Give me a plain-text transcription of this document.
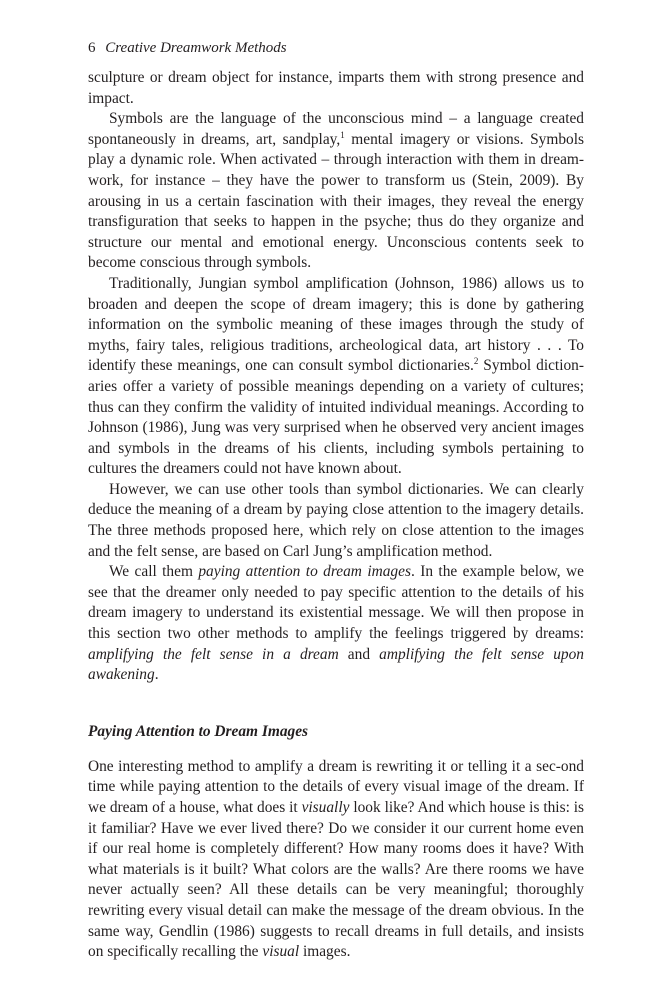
6 Creative Dreamwork Methods

sculpture or dream object for instance, imparts them with strong presence and impact.

Symbols are the language of the unconscious mind – a language created spontaneously in dreams, art, sandplay,$^1$ mental imagery or visions. Symbols play a dynamic role. When activated – through interaction with them in dream-work, for instance – they have the power to transform us (Stein, 2009). By arousing in us a certain fascination with their images, they reveal the energy transfiguration that seeks to happen in the psyche; thus do they organize and structure our mental and emotional energy. Unconscious contents seek to become conscious through symbols.

Traditionally, Jungian symbol amplification (Johnson, 1986) allows us to broaden and deepen the scope of dream imagery; this is done by gathering information on the symbolic meaning of these images through the study of myths, fairy tales, religious traditions, archeological data, art history . . . To identify these meanings, one can consult symbol dictionaries.$^2$ Symbol diction-aries offer a variety of possible meanings depending on a variety of cultures; thus can they confirm the validity of intuited individual meanings. According to Johnson (1986), Jung was very surprised when he observed very ancient images and symbols in the dreams of his clients, including symbols pertaining to cultures the dreamers could not have known about.

However, we can use other tools than symbol dictionaries. We can clearly deduce the meaning of a dream by paying close attention to the imagery details. The three methods proposed here, which rely on close attention to the images and the felt sense, are based on Carl Jung’s amplification method.

We call them paying attention to dream images. In the example below, we see that the dreamer only needed to pay specific attention to the details of his dream imagery to understand its existential message. We will then propose in this section two other methods to amplify the feelings triggered by dreams: amplifying the felt sense in a dream and amplifying the felt sense upon awakening.

Paying Attention to Dream Images

One interesting method to amplify a dream is rewriting it or telling it a sec-ond time while paying attention to the details of every visual image of the dream. If we dream of a house, what does it visually look like? And which house is this: is it familiar? Have we ever lived there? Do we consider it our current home even if our real home is completely different? How many rooms does it have? With what materials is it built? What colors are the walls? Are there rooms we have never actually seen? All these details can be very meaningful; thoroughly rewriting every visual detail can make the message of the dream obvious. In the same way, Gendlin (1986) suggests to recall dreams in full details, and insists on specifically recalling the visual images.
